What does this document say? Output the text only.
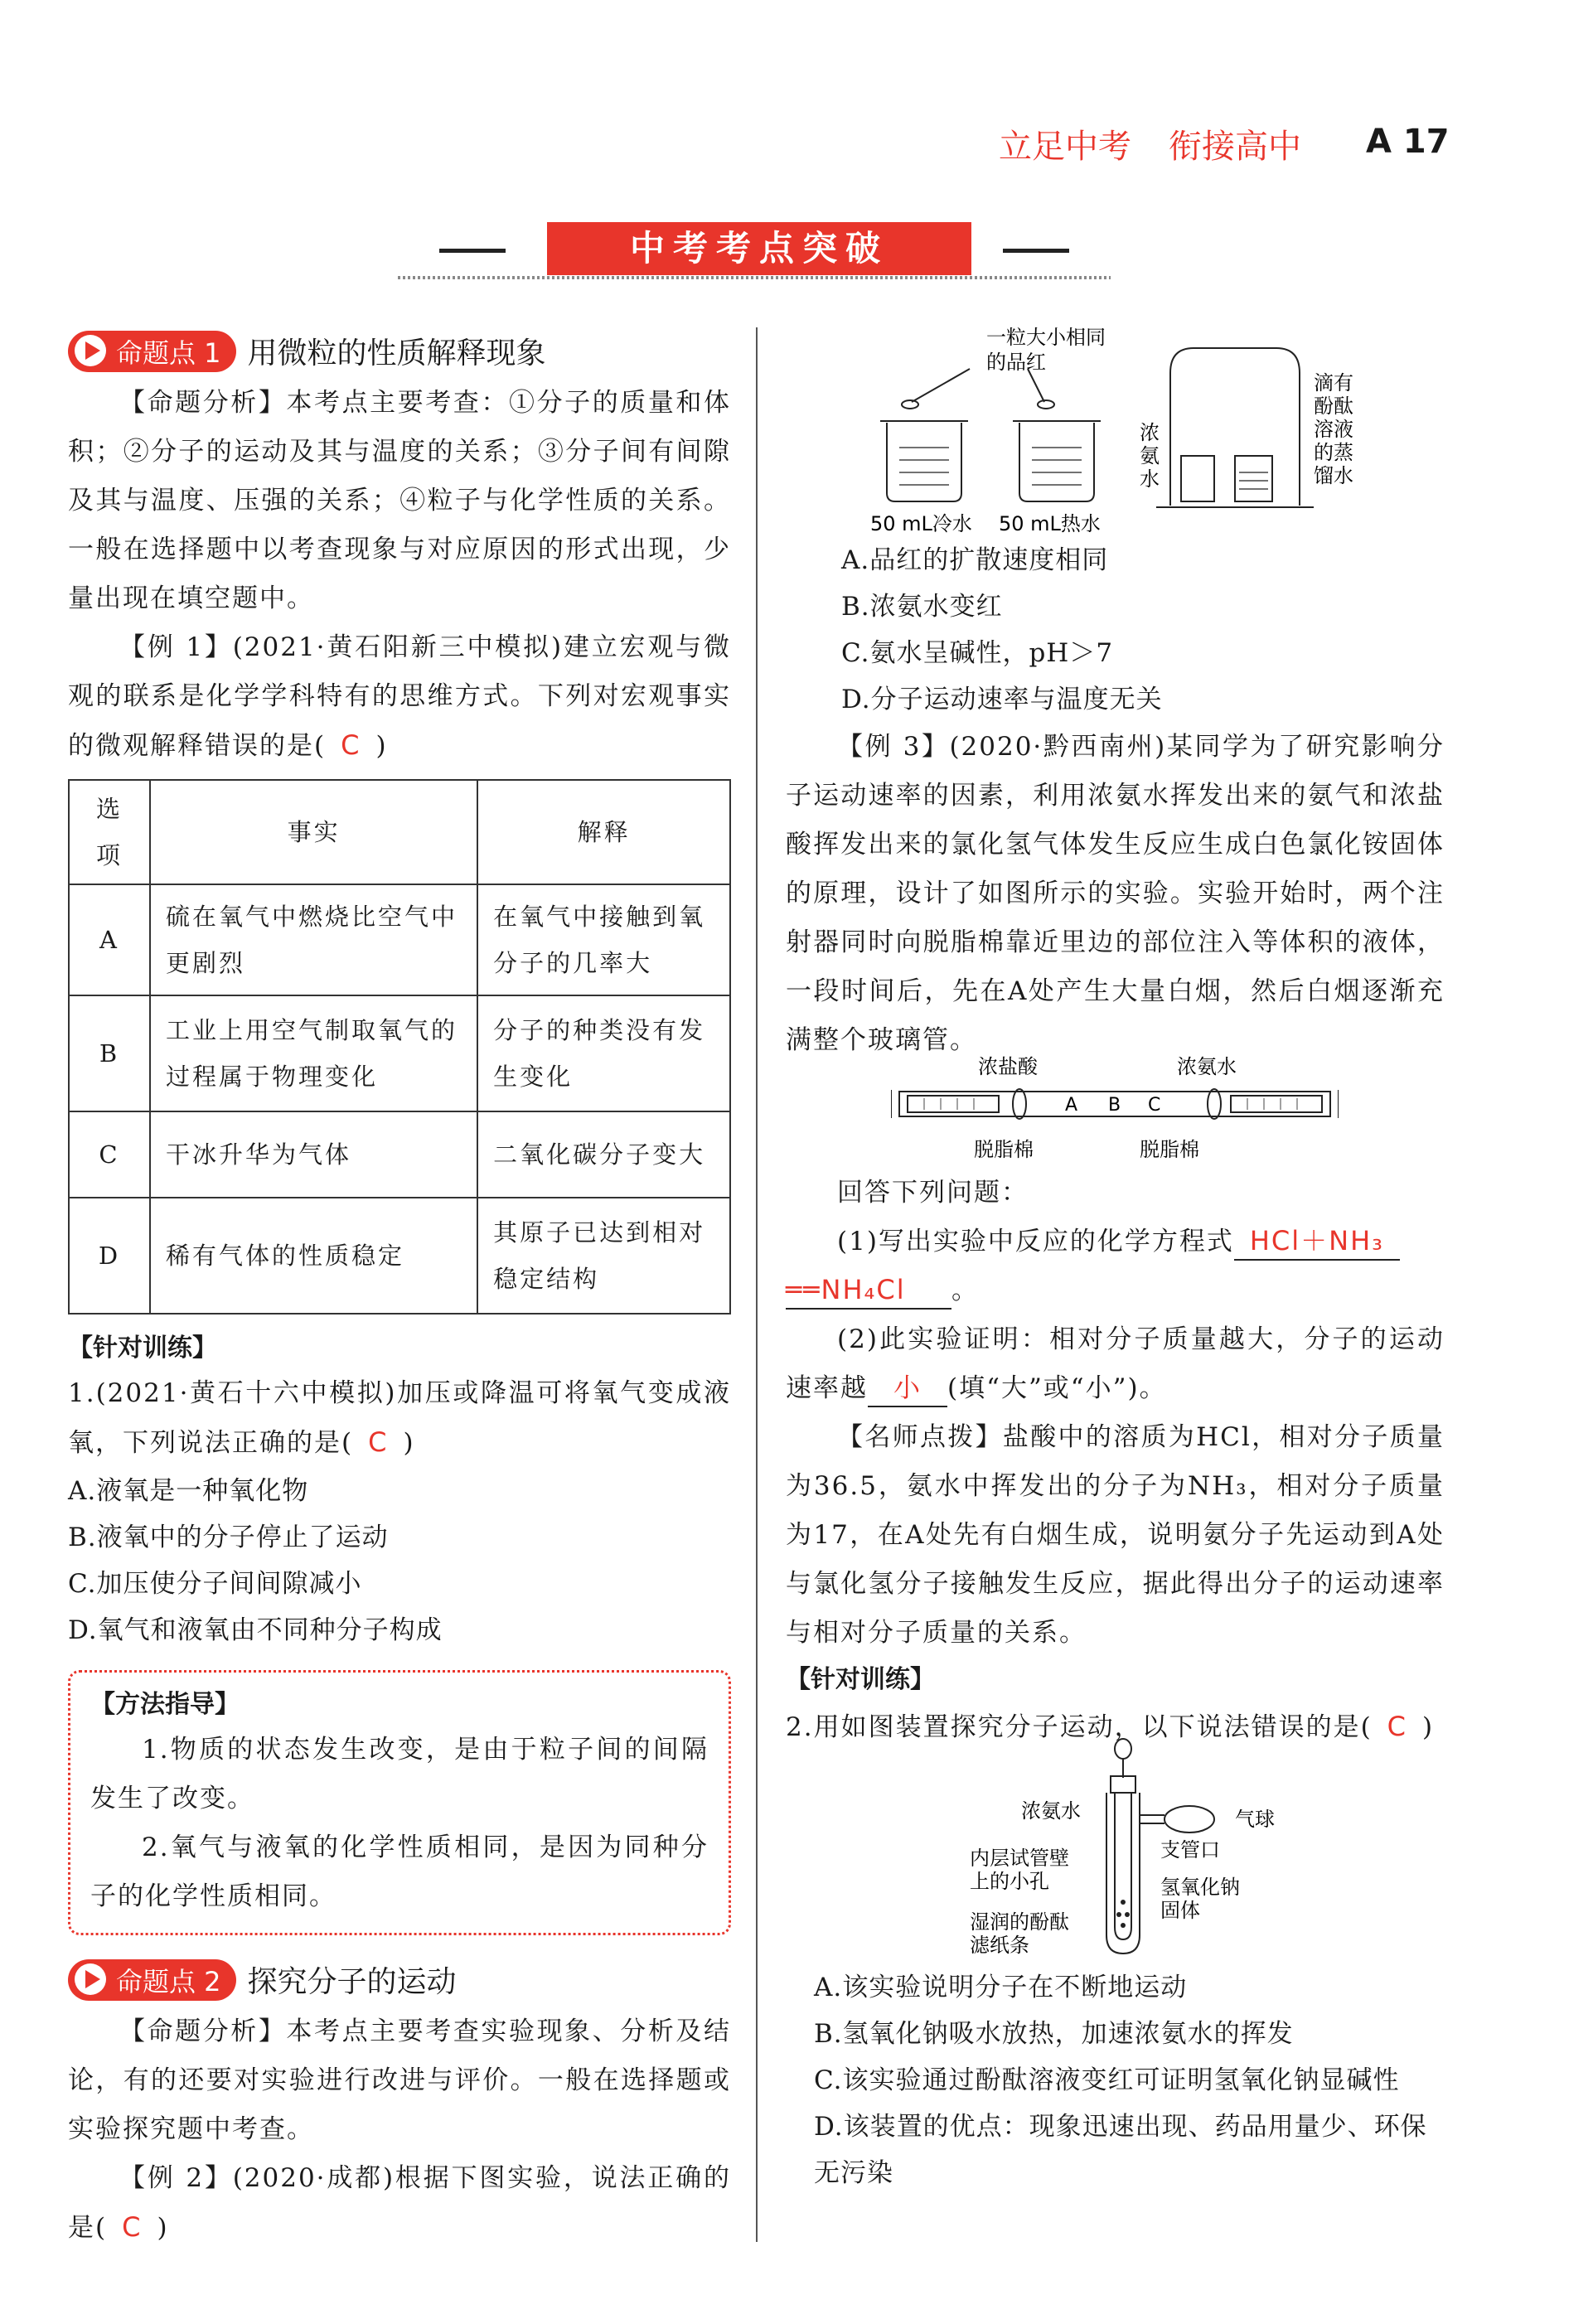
立足中考 衔接高中 A 17
中考考点突破
命题点 1 用微粒的性质解释现象
【命题分析】本考点主要考查：①分子的质量和体积；②分子的运动及其与温度的关系；③分子间有间隙及其与温度、压强的关系；④粒子与化学性质的关系。一般在选择题中以考查现象与对应原因的形式出现，少量出现在填空题中。
【例 1】(2021·黄石阳新三中模拟)建立宏观与微观的联系是化学学科特有的思维方式。下列对宏观事实的微观解释错误的是( C )
选项	事实	解释
A	硫在氧气中燃烧比空气中更剧烈	在氧气中接触到氧分子的几率大
B	工业上用空气制取氧气的过程属于物理变化	分子的种类没有发生变化
C	干冰升华为气体	二氧化碳分子变大
D	稀有气体的性质稳定	其原子已达到相对稳定结构
【针对训练】
1.(2021·黄石十六中模拟)加压或降温可将氧气变成液氧，下列说法正确的是( C )
A.液氧是一种氧化物
B.液氧中的分子停止了运动
C.加压使分子间间隙减小
D.氧气和液氧由不同种分子构成
【方法指导】
1.物质的状态发生改变，是由于粒子间的间隔发生了改变。
2.氧气与液氧的化学性质相同，是因为同种分子的化学性质相同。
命题点 2 探究分子的运动
【命题分析】本考点主要考查实验现象、分析及结论，有的还要对实验进行改进与评价。一般在选择题或实验探究题中考查。
【例 2】(2020·成都)根据下图实验，说法正确的是( C )
一粒大小相同
的品红
50 mL冷水 50 mL热水
浓
氨
水
滴有
酚酞
溶液
的蒸
馏水
A.品红的扩散速度相同
B.浓氨水变红
C.氨水呈碱性，pH＞7
D.分子运动速率与温度无关
【例 3】(2020·黔西南州)某同学为了研究影响分子运动速率的因素，利用浓氨水挥发出来的氨气和浓盐酸挥发出来的氯化氢气体发生反应生成白色氯化铵固体的原理，设计了如图所示的实验。实验开始时，两个注射器同时向脱脂棉靠近里边的部位注入等体积的液体，一段时间后，先在A处产生大量白烟，然后白烟逐渐充满整个玻璃管。
浓盐酸	浓氨水
A B C
脱脂棉	脱脂棉
回答下列问题：
(1)写出实验中反应的化学方程式 HCl＋NH₃
══NH₄Cl 。
(2)此实验证明：相对分子质量越大，分子的运动速率越 小 (填“大”或“小”)。
【名师点拨】盐酸中的溶质为HCl，相对分子质量为36.5，氨水中挥发出的分子为NH₃，相对分子质量为17，在A处先有白烟生成，说明氨分子先运动到A处与氯化氢分子接触发生反应，据此得出分子的运动速率与相对分子质量的关系。
【针对训练】
2.用如图装置探究分子运动，以下说法错误的是( C )
浓氨水	气球
内层试管壁
上的小孔
支管口
氢氧化钠
固体
湿润的酚酞
滤纸条
A.该实验说明分子在不断地运动
B.氢氧化钠吸水放热，加速浓氨水的挥发
C.该实验通过酚酞溶液变红可证明氢氧化钠显碱性
D.该装置的优点：现象迅速出现、药品用量少、环保无污染
